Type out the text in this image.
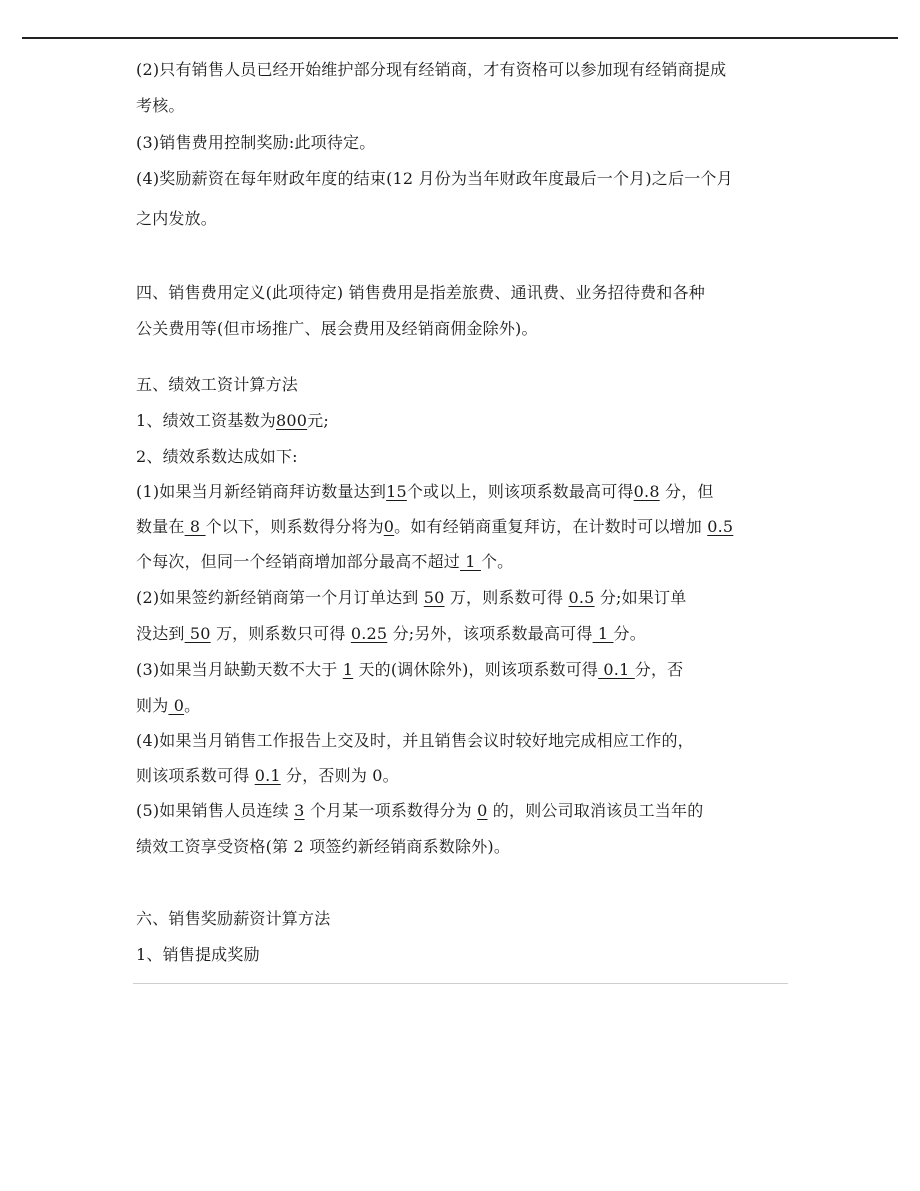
(2)只有销售人员已经开始维护部分现有经销商，才有资格可以参加现有经销商提成
考核。
(3)销售费用控制奖励:此项待定。
(4)奖励薪资在每年财政年度的结束(12 月份为当年财政年度最后一个月)之后一个月
之内发放。
四、销售费用定义(此项待定) 销售费用是指差旅费、通讯费、业务招待费和各种
公关费用等(但市场推广、展会费用及经销商佣金除外)。
五、绩效工资计算方法
1、绩效工资基数为800元;
2、绩效系数达成如下:
(1)如果当月新经销商拜访数量达到15个或以上，则该项系数最高可得0.8 分，但
数量在 8 个以下，则系数得分将为0。如有经销商重复拜访，在计数时可以增加 0.5
个每次，但同一个经销商增加部分最高不超过 1 个。
(2)如果签约新经销商第一个月订单达到 50 万，则系数可得 0.5 分;如果订单
没达到 50 万，则系数只可得 0.25 分;另外，该项系数最高可得 1 分。
(3)如果当月缺勤天数不大于 1 天的(调休除外)，则该项系数可得 0.1 分，否
则为 0。
(4)如果当月销售工作报告上交及时，并且销售会议时较好地完成相应工作的，
则该项系数可得 0.1 分，否则为 0。
(5)如果销售人员连续 3 个月某一项系数得分为 0 的，则公司取消该员工当年的
绩效工资享受资格(第 2 项签约新经销商系数除外)。
六、销售奖励薪资计算方法
1、销售提成奖励
